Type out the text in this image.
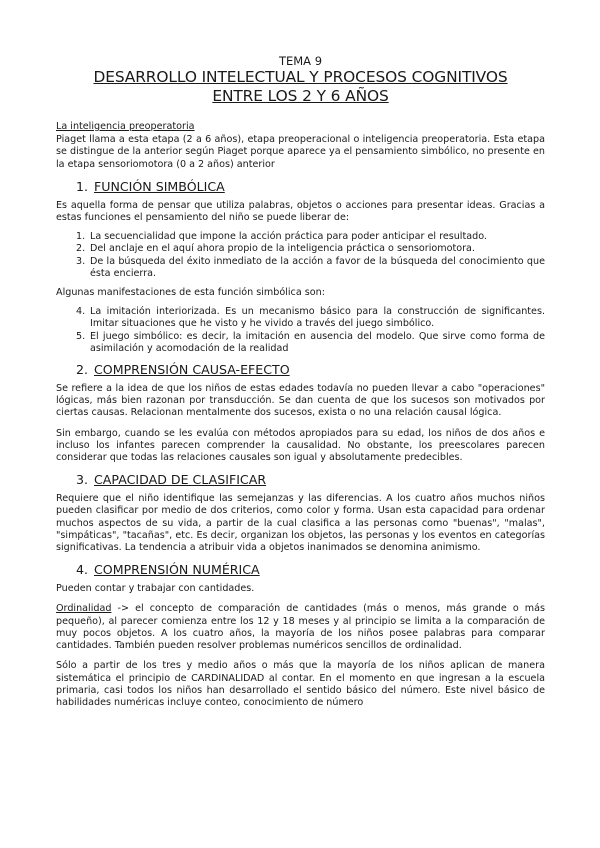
TEMA 9
DESARROLLO INTELECTUAL Y PROCESOS COGNITIVOS
ENTRE LOS 2 Y 6 AÑOS
La inteligencia preoperatoria

Piaget llama a esta etapa (2 a 6 años), etapa preoperacional o inteligencia preoperatoria. Esta etapa se distingue de la anterior según Piaget porque aparece ya el pensamiento simbólico, no presente en la etapa sensoriomotora (0 a 2 años) anterior

1. FUNCIÓN SIMBÓLICA

Es aquella forma de pensar que utiliza palabras, objetos o acciones para presentar ideas. Gracias a estas funciones el pensamiento del niño se puede liberar de:

1. La secuencialidad que impone la acción práctica para poder anticipar el resultado.
2. Del anclaje en el aquí ahora propio de la inteligencia práctica o sensoriomotora.
3. De la búsqueda del éxito inmediato de la acción a favor de la búsqueda del conocimiento que ésta encierra.

Algunas manifestaciones de esta función simbólica son:

4. La imitación interiorizada. Es un mecanismo básico para la construcción de significantes. Imitar situaciones que he visto y he vivido a través del juego simbólico.
5. El juego simbólico: es decir, la imitación en ausencia del modelo. Que sirve como forma de asimilación y acomodación de la realidad
2. COMPRENSIÓN CAUSA-EFECTO

Se refiere a la idea de que los niños de estas edades todavía no pueden llevar a cabo "operaciones" lógicas, más bien razonan por transducción. Se dan cuenta de que los sucesos son motivados por ciertas causas. Relacionan mentalmente dos sucesos, exista o no una relación causal lógica.

Sin embargo, cuando se les evalúa con métodos apropiados para su edad, los niños de dos años e incluso los infantes parecen comprender la causalidad. No obstante, los preescolares parecen considerar que todas las relaciones causales son igual y absolutamente predecibles.

3. CAPACIDAD DE CLASIFICAR

Requiere que el niño identifique las semejanzas y las diferencias. A los cuatro años muchos niños pueden clasificar por medio de dos criterios, como color y forma. Usan esta capacidad para ordenar muchos aspectos de su vida, a partir de la cual clasifica a las personas como "buenas", "malas", "simpáticas", "tacañas", etc. Es decir, organizan los objetos, las personas y los eventos en categorías significativas. La tendencia a atribuir vida a objetos inanimados se denomina animismo.

4. COMPRENSIÓN NUMÉRICA

Pueden contar y trabajar con cantidades.

Ordinalidad -> el concepto de comparación de cantidades (más o menos, más grande o más pequeño), al parecer comienza entre los 12 y 18 meses y al principio se limita a la comparación de muy pocos objetos. A los cuatro años, la mayoría de los niños posee palabras para comparar cantidades. También pueden resolver problemas numéricos sencillos de ordinalidad.

Sólo a partir de los tres y medio años o más que la mayoría de los niños aplican de manera sistemática el principio de CARDINALIDAD al contar. En el momento en que ingresan a la escuela primaria, casi todos los niños han desarrollado el sentido básico del número. Este nivel básico de habilidades numéricas incluye conteo, conocimiento de número
